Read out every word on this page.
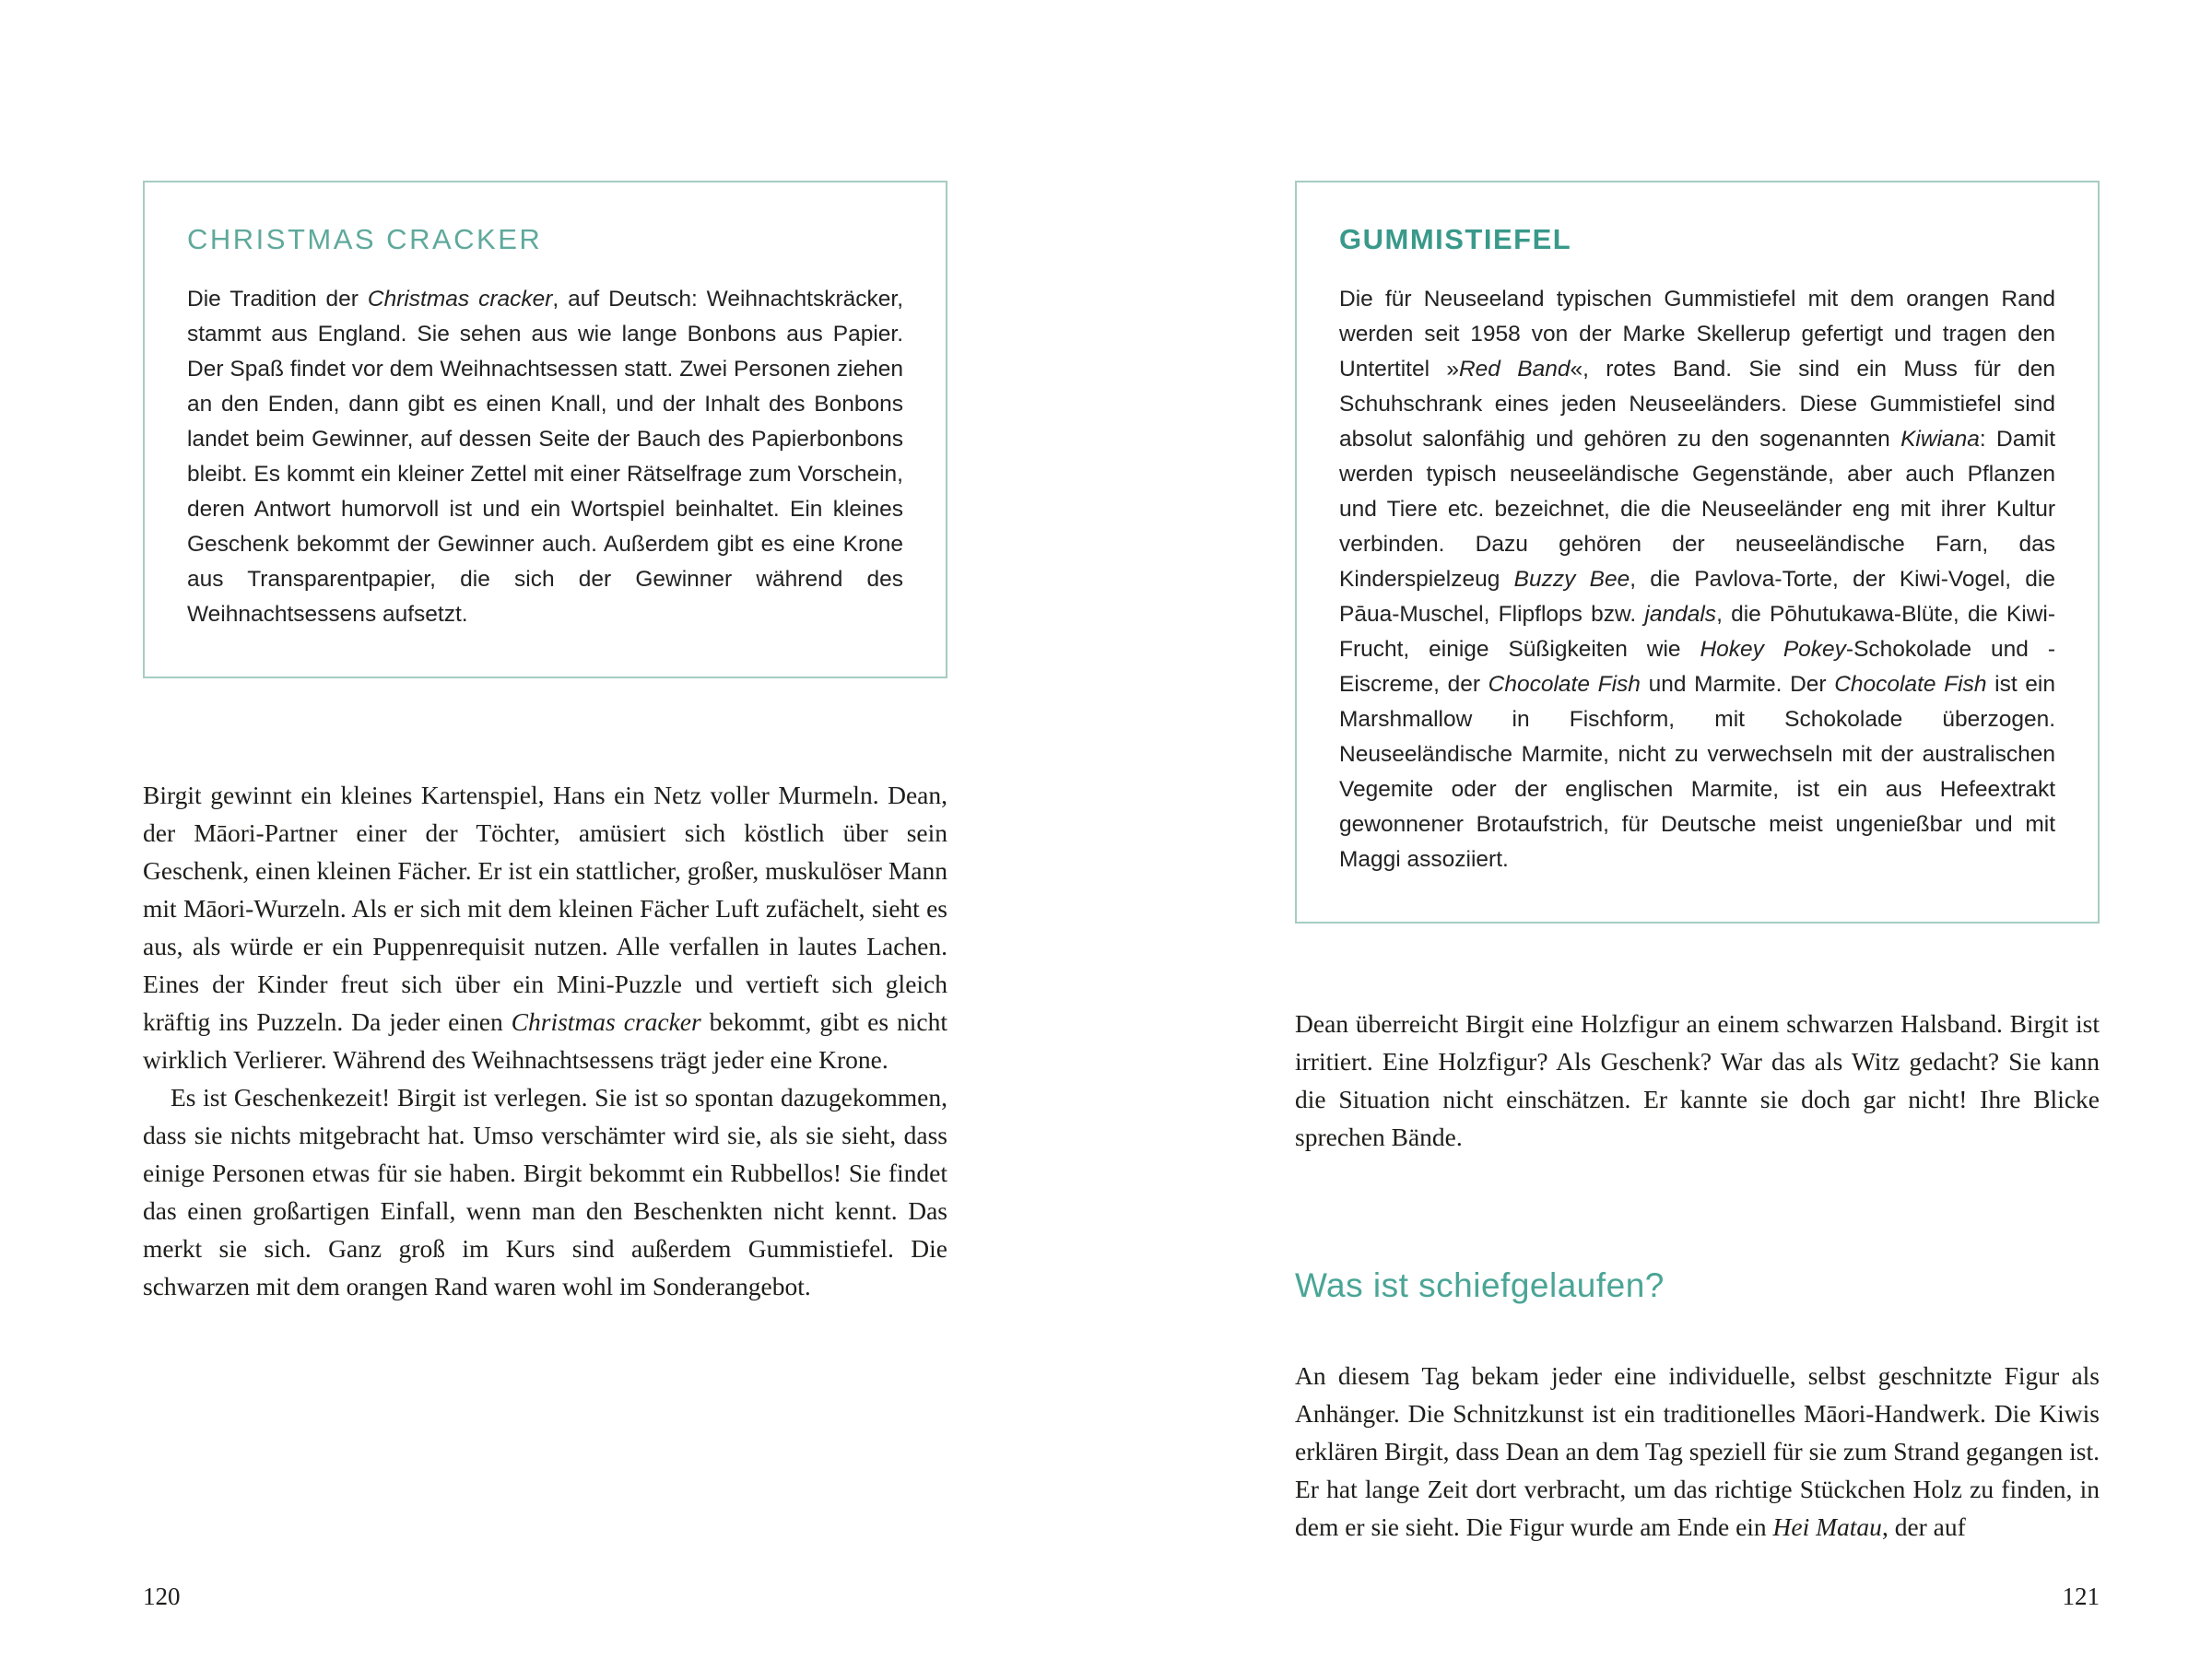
CHRISTMAS CRACKER

Die Tradition der Christmas cracker, auf Deutsch: Weihnachtskräcker, stammt aus England. Sie sehen aus wie lange Bonbons aus Papier. Der Spaß findet vor dem Weihnachtsessen statt. Zwei Personen ziehen an den Enden, dann gibt es einen Knall, und der Inhalt des Bonbons landet beim Gewinner, auf dessen Seite der Bauch des Papierbonbons bleibt. Es kommt ein kleiner Zettel mit einer Rätselfrage zum Vorschein, deren Antwort humorvoll ist und ein Wortspiel beinhaltet. Ein kleines Geschenk bekommt der Gewinner auch. Außerdem gibt es eine Krone aus Transparentpapier, die sich der Gewinner während des Weihnachtsessens aufsetzt.

Birgit gewinnt ein kleines Kartenspiel, Hans ein Netz voller Murmeln. Dean, der Māori-Partner einer der Töchter, amüsiert sich köstlich über sein Geschenk, einen kleinen Fächer. Er ist ein stattlicher, großer, muskulöser Mann mit Māori-Wurzeln. Als er sich mit dem kleinen Fächer Luft zufächelt, sieht es aus, als würde er ein Puppenrequisit nutzen. Alle verfallen in lautes Lachen. Eines der Kinder freut sich über ein Mini-Puzzle und vertieft sich gleich kräftig ins Puzzeln. Da jeder einen Christmas cracker bekommt, gibt es nicht wirklich Verlierer. Während des Weihnachtsessens trägt jeder eine Krone.

Es ist Geschenkezeit! Birgit ist verlegen. Sie ist so spontan dazugekommen, dass sie nichts mitgebracht hat. Umso verschämter wird sie, als sie sieht, dass einige Personen etwas für sie haben. Birgit bekommt ein Rubbellos! Sie findet das einen großartigen Einfall, wenn man den Beschenkten nicht kennt. Das merkt sie sich. Ganz groß im Kurs sind außerdem Gummistiefel. Die schwarzen mit dem orangen Rand waren wohl im Sonderangebot.

120
GUMMISTIEFEL

Die für Neuseeland typischen Gummistiefel mit dem orangen Rand werden seit 1958 von der Marke Skellerup gefertigt und tragen den Untertitel »Red Band«, rotes Band. Sie sind ein Muss für den Schuhschrank eines jeden Neuseeländers. Diese Gummistiefel sind absolut salonfähig und gehören zu den sogenannten Kiwiana: Damit werden typisch neuseeländische Gegenstände, aber auch Pflanzen und Tiere etc. bezeichnet, die die Neuseeländer eng mit ihrer Kultur verbinden. Dazu gehören der neuseeländische Farn, das Kinderspielzeug Buzzy Bee, die Pavlova-Torte, der Kiwi-Vogel, die Pāua-Muschel, Flipflops bzw. jandals, die Pōhutukawa-Blüte, die Kiwi-Frucht, einige Süßigkeiten wie Hokey Pokey-Schokolade und -Eiscreme, der Chocolate Fish und Marmite. Der Chocolate Fish ist ein Marshmallow in Fischform, mit Schokolade überzogen. Neuseeländische Marmite, nicht zu verwechseln mit der australischen Vegemite oder der englischen Marmite, ist ein aus Hefeextrakt gewonnener Brotaufstrich, für Deutsche meist ungenießbar und mit Maggi assoziiert.

Dean überreicht Birgit eine Holzfigur an einem schwarzen Halsband. Birgit ist irritiert. Eine Holzfigur? Als Geschenk? War das als Witz gedacht? Sie kann die Situation nicht einschätzen. Er kannte sie doch gar nicht! Ihre Blicke sprechen Bände.

Was ist schiefgelaufen?

An diesem Tag bekam jeder eine individuelle, selbst geschnitzte Figur als Anhänger. Die Schnitzkunst ist ein traditionelles Māori-Handwerk. Die Kiwis erklären Birgit, dass Dean an dem Tag speziell für sie zum Strand gegangen ist. Er hat lange Zeit dort verbracht, um das richtige Stückchen Holz zu finden, in dem er sie sieht. Die Figur wurde am Ende ein Hei Matau, der auf

121
